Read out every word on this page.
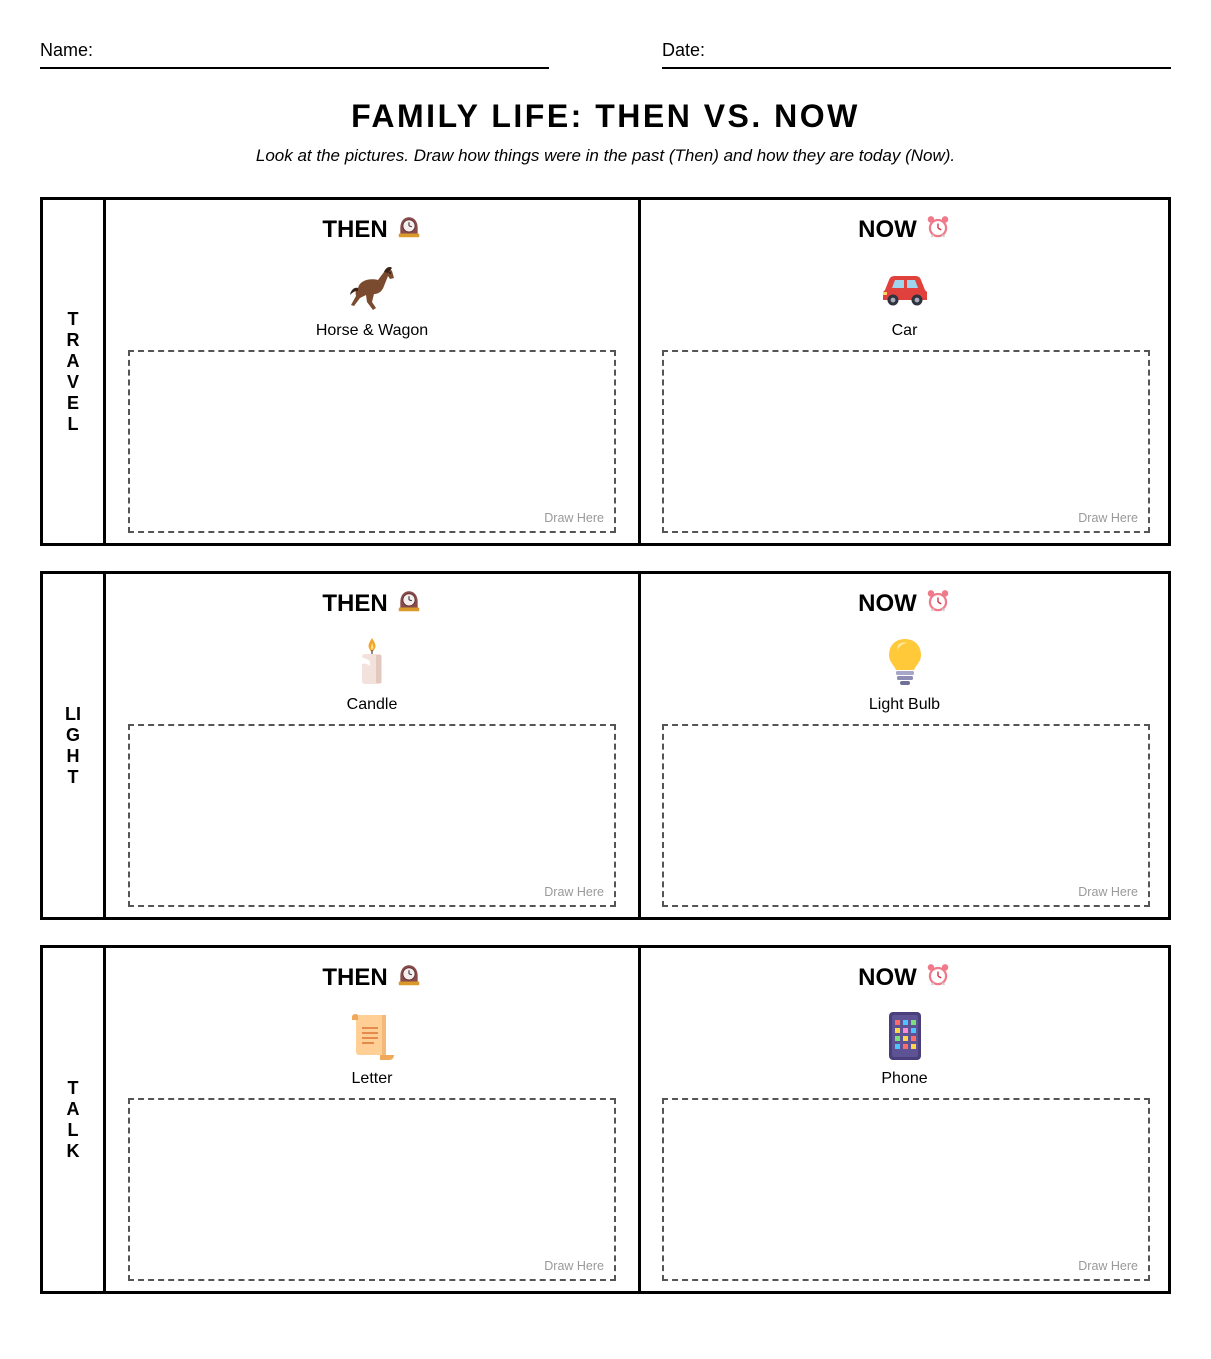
Name:	Date:
FAMILY LIFE: THEN VS. NOW
Look at the pictures. Draw how things were in the past (Then) and how they are today (Now).
TRAVEL
THEN
Horse & Wagon
Draw Here
NOW
Car
Draw Here
LIGHT
THEN
Candle
Draw Here
NOW
Light Bulb
Draw Here
TALK
THEN
Letter
Draw Here
NOW
Phone
Draw Here
